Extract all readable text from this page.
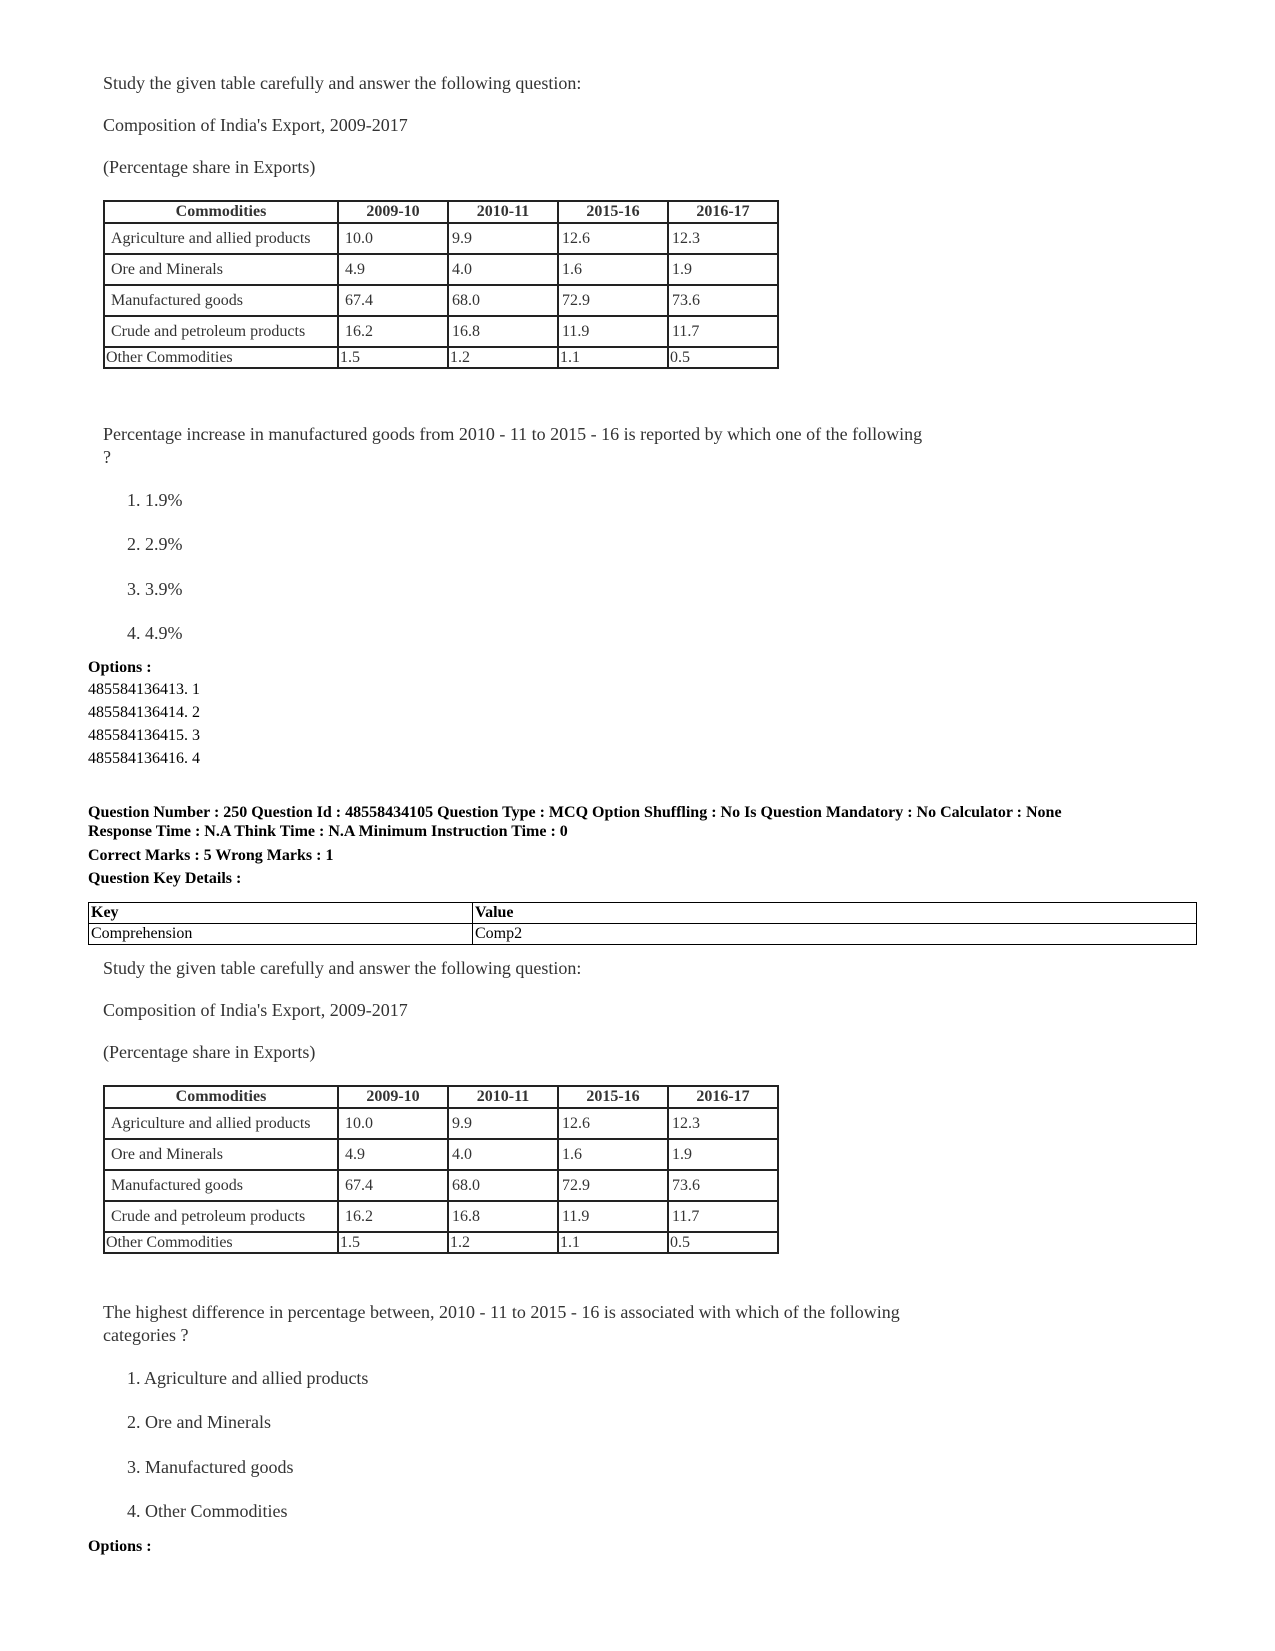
Study the given table carefully and answer the following question:
Composition of India's Export, 2009-2017
(Percentage share in Exports)
Commodities	2009-10	2010-11	2015-16	2016-17
Agriculture and allied products	10.0	9.9	12.6	12.3
Ore and Minerals	4.9	4.0	1.6	1.9
Manufactured goods	67.4	68.0	72.9	73.6
Crude and petroleum products	16.2	16.8	11.9	11.7
Other Commodities	1.5	1.2	1.1	0.5
Percentage increase in manufactured goods from 2010 - 11 to 2015 - 16 is reported by which one of the following ?
1. 1.9%
2. 2.9%
3. 3.9%
4. 4.9%
Options :
485584136413. 1
485584136414. 2
485584136415. 3
485584136416. 4
Question Number : 250 Question Id : 48558434105 Question Type : MCQ Option Shuffling : No Is Question Mandatory : No Calculator : None
Response Time : N.A Think Time : N.A Minimum Instruction Time : 0
Correct Marks : 5 Wrong Marks : 1
Question Key Details :
Key	Value
Comprehension	Comp2
Study the given table carefully and answer the following question:
Composition of India's Export, 2009-2017
(Percentage share in Exports)
Commodities	2009-10	2010-11	2015-16	2016-17
Agriculture and allied products	10.0	9.9	12.6	12.3
Ore and Minerals	4.9	4.0	1.6	1.9
Manufactured goods	67.4	68.0	72.9	73.6
Crude and petroleum products	16.2	16.8	11.9	11.7
Other Commodities	1.5	1.2	1.1	0.5
The highest difference in percentage between, 2010 - 11 to 2015 - 16 is associated with which of the following categories ?
1. Agriculture and allied products
2. Ore and Minerals
3. Manufactured goods
4. Other Commodities
Options :
